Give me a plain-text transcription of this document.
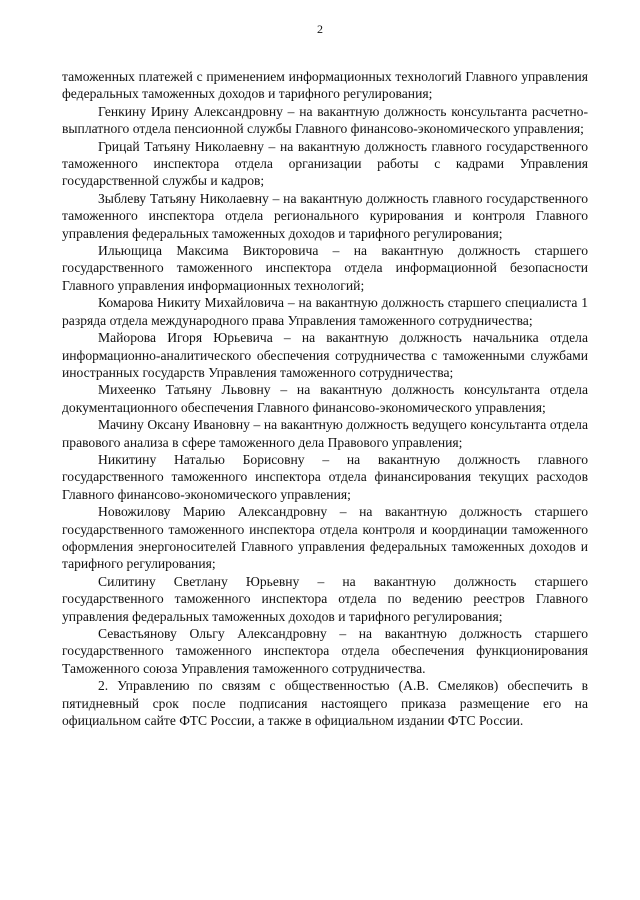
2

таможенных платежей с применением информационных технологий Главного управления федеральных таможенных доходов и тарифного регулирования;

Генкину Ирину Александровну – на вакантную должность консультанта расчетно-выплатного отдела пенсионной службы Главного финансово-экономического управления;

Грицай Татьяну Николаевну – на вакантную должность главного государственного таможенного инспектора отдела организации работы с кадрами Управления государственной службы и кадров;

Зыблеву Татьяну Николаевну – на вакантную должность главного государственного таможенного инспектора отдела регионального курирования и контроля Главного управления федеральных таможенных доходов и тарифного регулирования;

Ильющица Максима Викторовича – на вакантную должность старшего государственного таможенного инспектора отдела информационной безопасности Главного управления информационных технологий;

Комарова Никиту Михайловича – на вакантную должность старшего специалиста 1 разряда отдела международного права Управления таможенного сотрудничества;

Майорова Игоря Юрьевича – на вакантную должность начальника отдела информационно-аналитического обеспечения сотрудничества с таможенными службами иностранных государств Управления таможенного сотрудничества;

Михеенко Татьяну Львовну – на вакантную должность консультанта отдела документационного обеспечения Главного финансово-экономического управления;

Мачину Оксану Ивановну – на вакантную должность ведущего консультанта отдела правового анализа в сфере таможенного дела Правового управления;

Никитину Наталью Борисовну – на вакантную должность главного государственного таможенного инспектора отдела финансирования текущих расходов Главного финансово-экономического управления;

Новожилову Марию Александровну – на вакантную должность старшего государственного таможенного инспектора отдела контроля и координации таможенного оформления энергоносителей Главного управления федеральных таможенных доходов и тарифного регулирования;

Силитину Светлану Юрьевну – на вакантную должность старшего государственного таможенного инспектора отдела по ведению реестров Главного управления федеральных таможенных доходов и тарифного регулирования;

Севастьянову Ольгу Александровну – на вакантную должность старшего государственного таможенного инспектора отдела обеспечения функционирования Таможенного союза Управления таможенного сотрудничества.

2. Управлению по связям с общественностью (А.В. Смеляков) обеспечить в пятидневный срок после подписания настоящего приказа размещение его на официальном сайте ФТС России, а также в официальном издании ФТС России.
